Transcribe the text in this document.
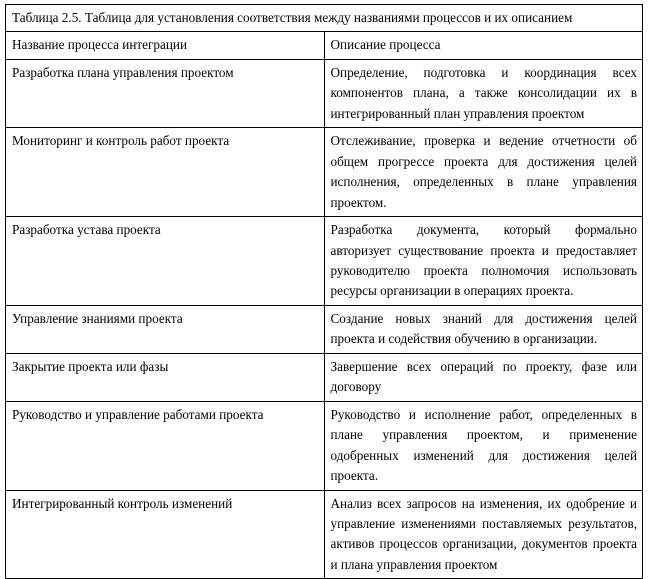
Таблица 2.5. Таблица для установления соответствия между названиями процессов и их описанием	
Название процесса интеграции	Описание процесса
Разработка плана управления проектом	Определение, подготовка и координация всех компонентов плана, а также консолидации их в интегрированный план управления проектом
Мониторинг и контроль работ проекта	Отслеживание, проверка и ведение отчетности об общем прогрессе проекта для достижения целей исполнения, определенных в плане управления проектом.
Разработка устава проекта	Разработка документа, который формально авторизует существование проекта и предоставляет руководителю проекта полномочия использовать ресурсы организации в операциях проекта.
Управление знаниями проекта	Создание новых знаний для достижения целей проекта и содействия обучению в организации.
Закрытие проекта или фазы	Завершение всех операций по проекту, фазе или договору
Руководство и управление работами проекта	Руководство и исполнение работ, определенных в плане управления проектом, и применение одобренных изменений для достижения целей проекта.
Интегрированный контроль изменений	Анализ всех запросов на изменения, их одобрение и управление изменениями поставляемых результатов, активов процессов организации, документов проекта и плана управления проектом
